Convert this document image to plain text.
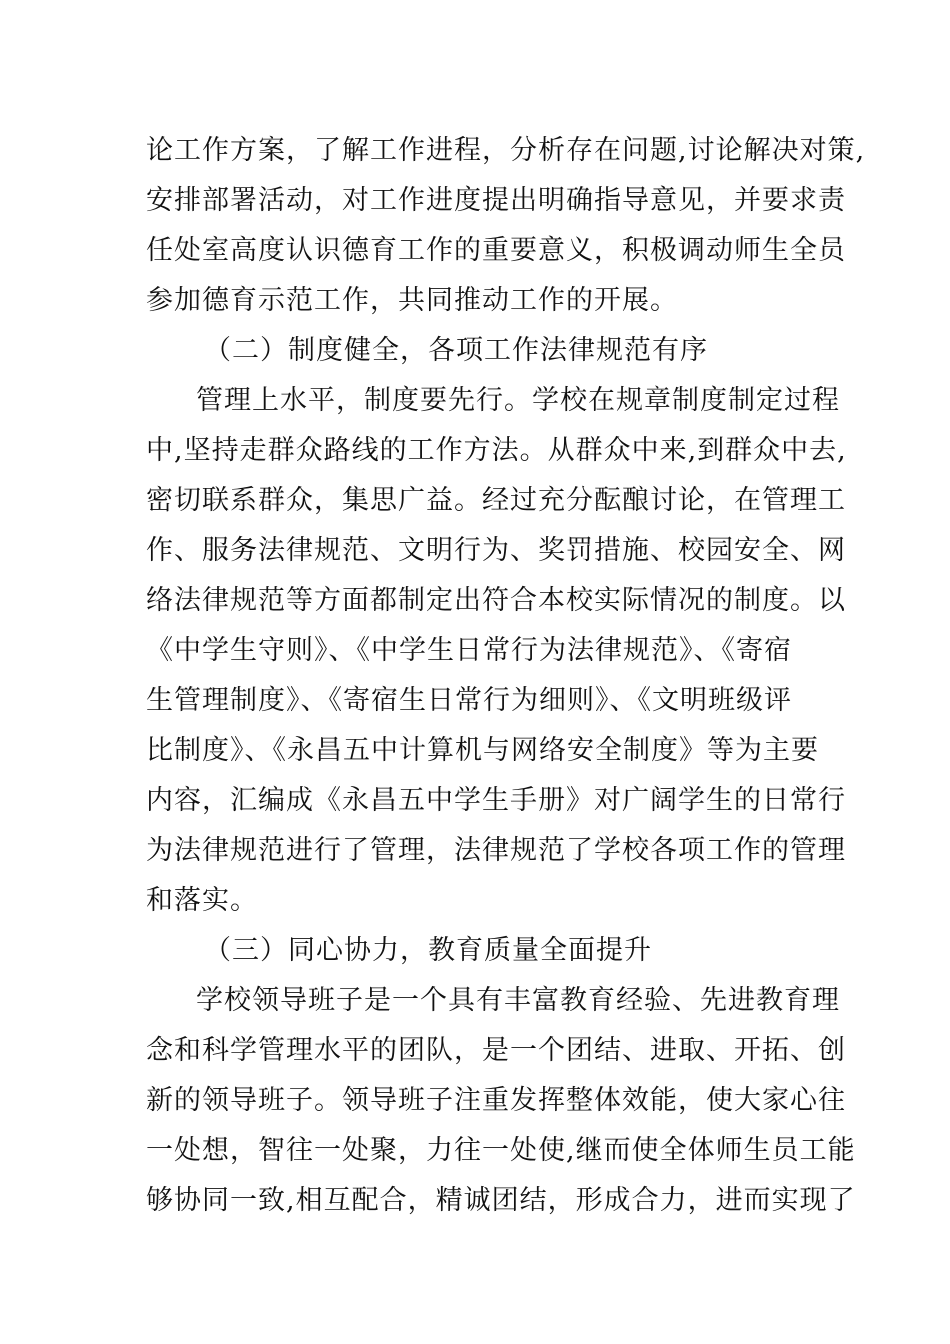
论工作方案，了解工作进程，分析存在问题,讨论解决对策,
安排部署活动，对工作进度提出明确指导意见，并要求责
任处室高度认识德育工作的重要意义，积极调动师生全员
参加德育示范工作，共同推动工作的开展。
（二）制度健全，各项工作法律规范有序
管理上水平，制度要先行。学校在规章制度制定过程
中,坚持走群众路线的工作方法。从群众中来,到群众中去,
密切联系群众，集思广益。经过充分酝酿讨论，在管理工
作、服务法律规范、文明行为、奖罚措施、校园安全、网
络法律规范等方面都制定出符合本校实际情况的制度。以
《中学生守则》、《中学生日常行为法律规范》、《寄宿
生管理制度》、《寄宿生日常行为细则》、《文明班级评
比制度》、《永昌五中计算机与网络安全制度》等为主要
内容，汇编成《永昌五中学生手册》对广阔学生的日常行
为法律规范进行了管理，法律规范了学校各项工作的管理
和落实。
（三）同心协力，教育质量全面提升
学校领导班子是一个具有丰富教育经验、先进教育理
念和科学管理水平的团队，是一个团结、进取、开拓、创
新的领导班子。领导班子注重发挥整体效能，使大家心往
一处想，智往一处聚，力往一处使,继而使全体师生员工能
够协同一致,相互配合，精诚团结，形成合力，进而实现了
